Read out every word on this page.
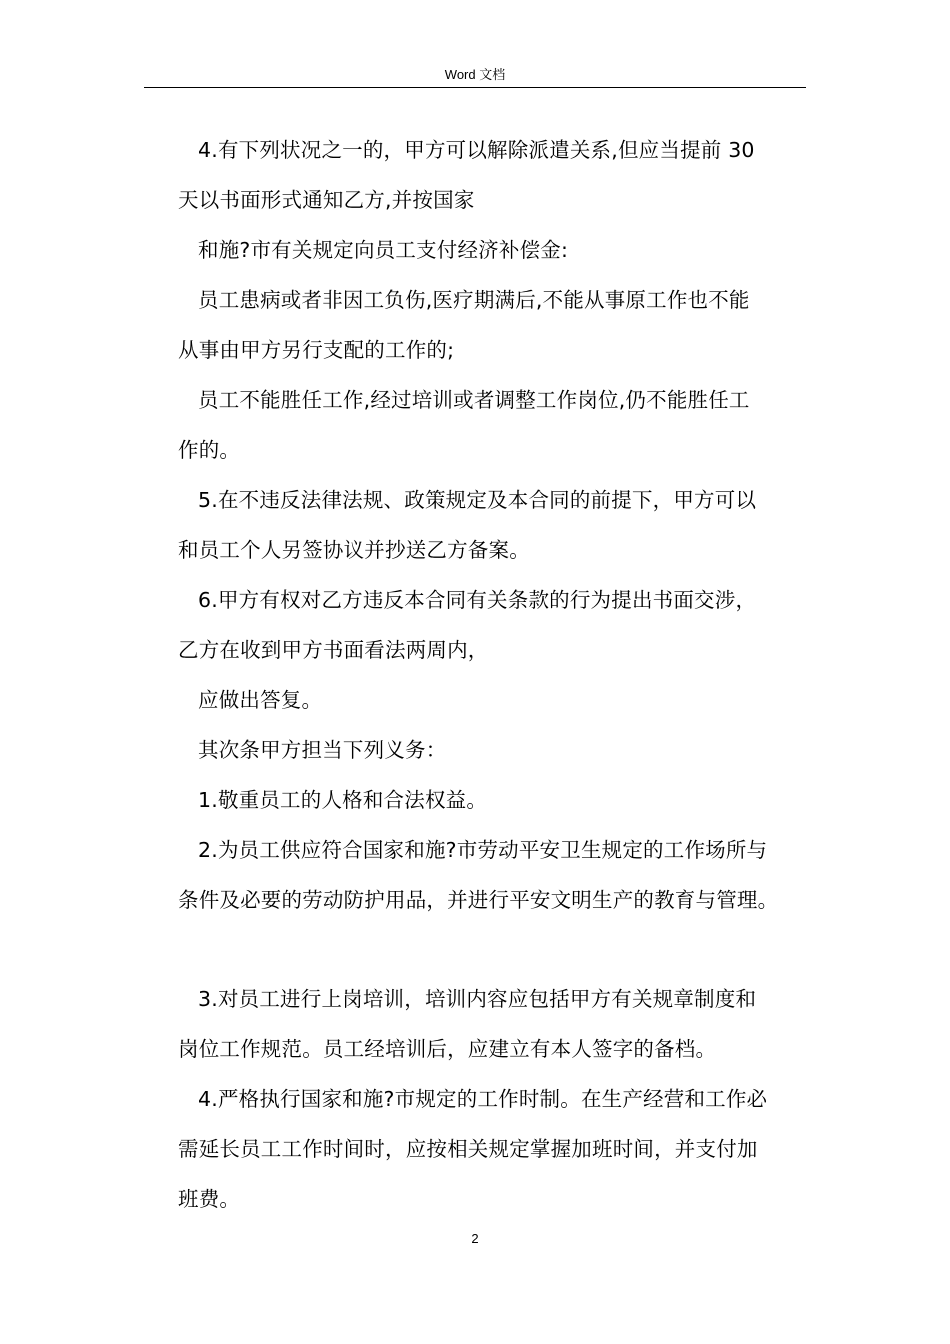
Word 文档
4.有下列状况之一的，甲方可以解除派遣关系,但应当提前 30
天以书面形式通知乙方,并按国家
和施?市有关规定向员工支付经济补偿金:
员工患病或者非因工负伤,医疗期满后,不能从事原工作也不能
从事由甲方另行支配的工作的;
员工不能胜任工作,经过培训或者调整工作岗位,仍不能胜任工
作的。
5.在不违反法律法规、政策规定及本合同的前提下，甲方可以
和员工个人另签协议并抄送乙方备案。
6.甲方有权对乙方违反本合同有关条款的行为提出书面交涉，
乙方在收到甲方书面看法两周内，
应做出答复。
其次条甲方担当下列义务：
1.敬重员工的人格和合法权益。
2.为员工供应符合国家和施?市劳动平安卫生规定的工作场所与
条件及必要的劳动防护用品，并进行平安文明生产的教育与管理。
3.对员工进行上岗培训，培训内容应包括甲方有关规章制度和
岗位工作规范。员工经培训后，应建立有本人签字的备档。
4.严格执行国家和施?市规定的工作时制。在生产经营和工作必
需延长员工工作时间时，应按相关规定掌握加班时间，并支付加
班费。
2
